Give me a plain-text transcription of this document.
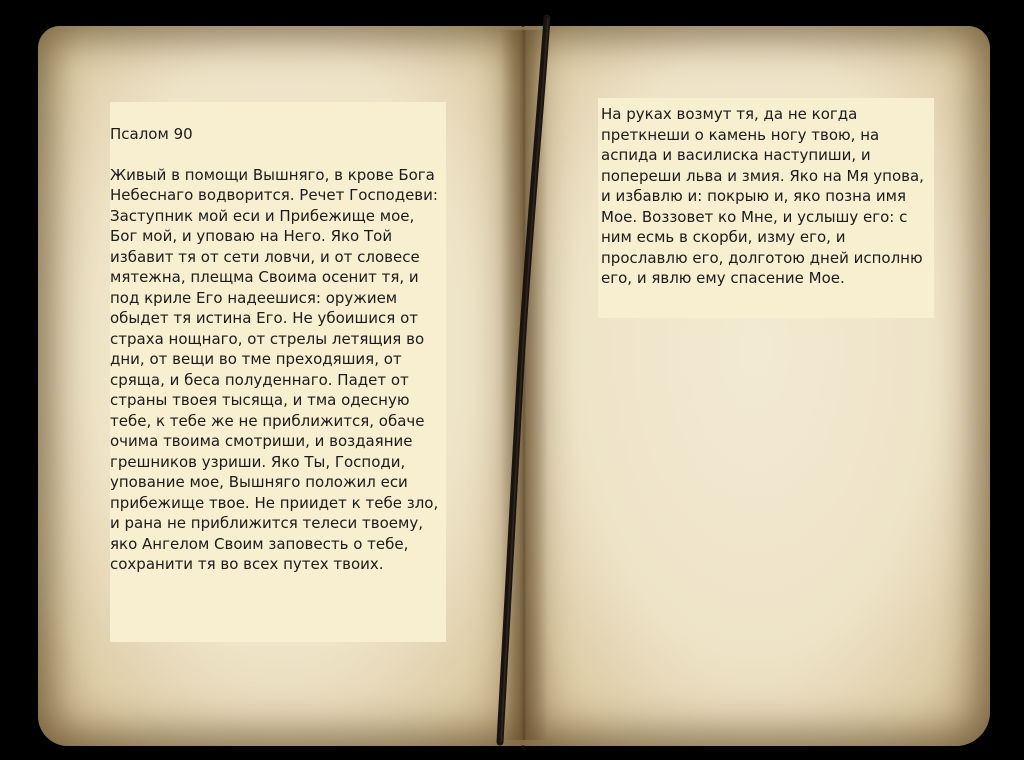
Псалом 90

Живый в помощи Вышняго, в крове Бога
Небеснаго водворится. Речет Господеви:
Заступник мой еси и Прибежище мое,
Бог мой, и уповаю на Него. Яко Той
избавит тя от сети ловчи, и от словесе
мятежна, плещма Своима осенит тя, и
под криле Его надеешися: оружием
обыдет тя истина Его. Не убоишися от
страха нощнаго, от стрелы летящия во
дни, от вещи во тме преходяшия, от
сряща, и беса полуденнаго. Падет от
страны твоея тысяща, и тма одесную
тебе, к тебе же не приближится, обаче
очима твоима смотриши, и воздаяние
грешников узриши. Яко Ты, Господи,
упование мое, Вышняго положил еси
прибежище твое. Не приидет к тебе зло,
и рана не приближится телеси твоему,
яко Ангелом Своим заповесть о тебе,
сохранити тя во всех путех твоих.

На руках возмут тя, да не когда
преткнеши о камень ногу твою, на
аспида и василиска наступиши, и
попереши льва и змия. Яко на Мя упова,
и избавлю и: покрыю и, яко позна имя
Мое. Воззовет ко Мне, и услышу его: с
ним есмь в скорби, изму его, и
прославлю его, долготою дней исполню
его, и явлю ему спасение Мое.
